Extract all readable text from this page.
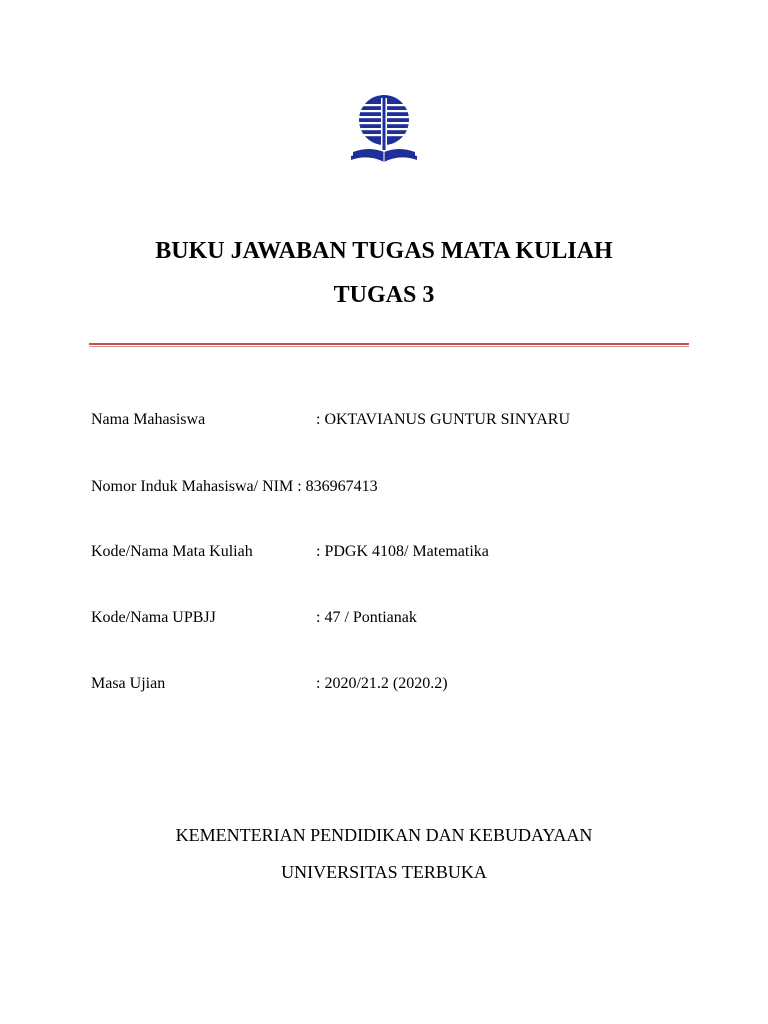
BUKU JAWABAN TUGAS MATA KULIAH
TUGAS 3
Nama Mahasiswa	: OKTAVIANUS GUNTUR SINYARU
Nomor Induk Mahasiswa/ NIM : 836967413
Kode/Nama Mata Kuliah	: PDGK 4108/ Matematika
Kode/Nama UPBJJ	: 47 / Pontianak
Masa Ujian	: 2020/21.2 (2020.2)
KEMENTERIAN PENDIDIKAN DAN KEBUDAYAAN
UNIVERSITAS TERBUKA
